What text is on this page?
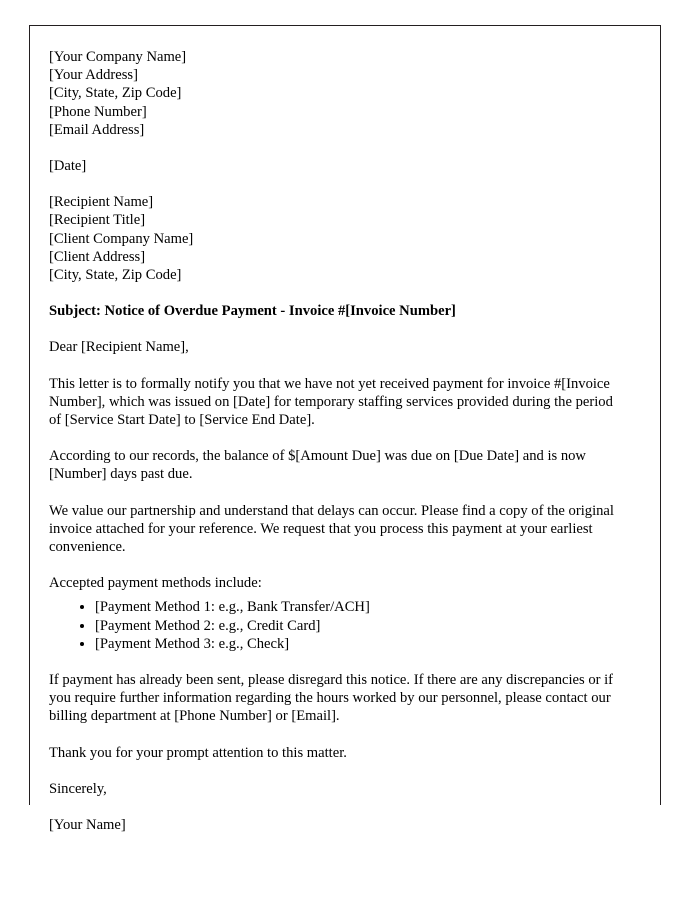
[Your Company Name]
[Your Address]
[City, State, Zip Code]
[Phone Number]
[Email Address]
[Date]
[Recipient Name]
[Recipient Title]
[Client Company Name]
[Client Address]
[City, State, Zip Code]
Subject: Notice of Overdue Payment - Invoice #[Invoice Number]
Dear [Recipient Name],

This letter is to formally notify you that we have not yet received payment for invoice #[Invoice Number], which was issued on [Date] for temporary staffing services provided during the period of [Service Start Date] to [Service End Date].

According to our records, the balance of $[Amount Due] was due on [Due Date] and is now [Number] days past due.

We value our partnership and understand that delays can occur. Please find a copy of the original invoice attached for your reference. We request that you process this payment at your earliest convenience.

Accepted payment methods include:

• [Payment Method 1: e.g., Bank Transfer/ACH]
• [Payment Method 2: e.g., Credit Card]
• [Payment Method 3: e.g., Check]

If payment has already been sent, please disregard this notice. If there are any discrepancies or if you require further information regarding the hours worked by our personnel, please contact our billing department at [Phone Number] or [Email].

Thank you for your prompt attention to this matter.

Sincerely,
[Your Name]
